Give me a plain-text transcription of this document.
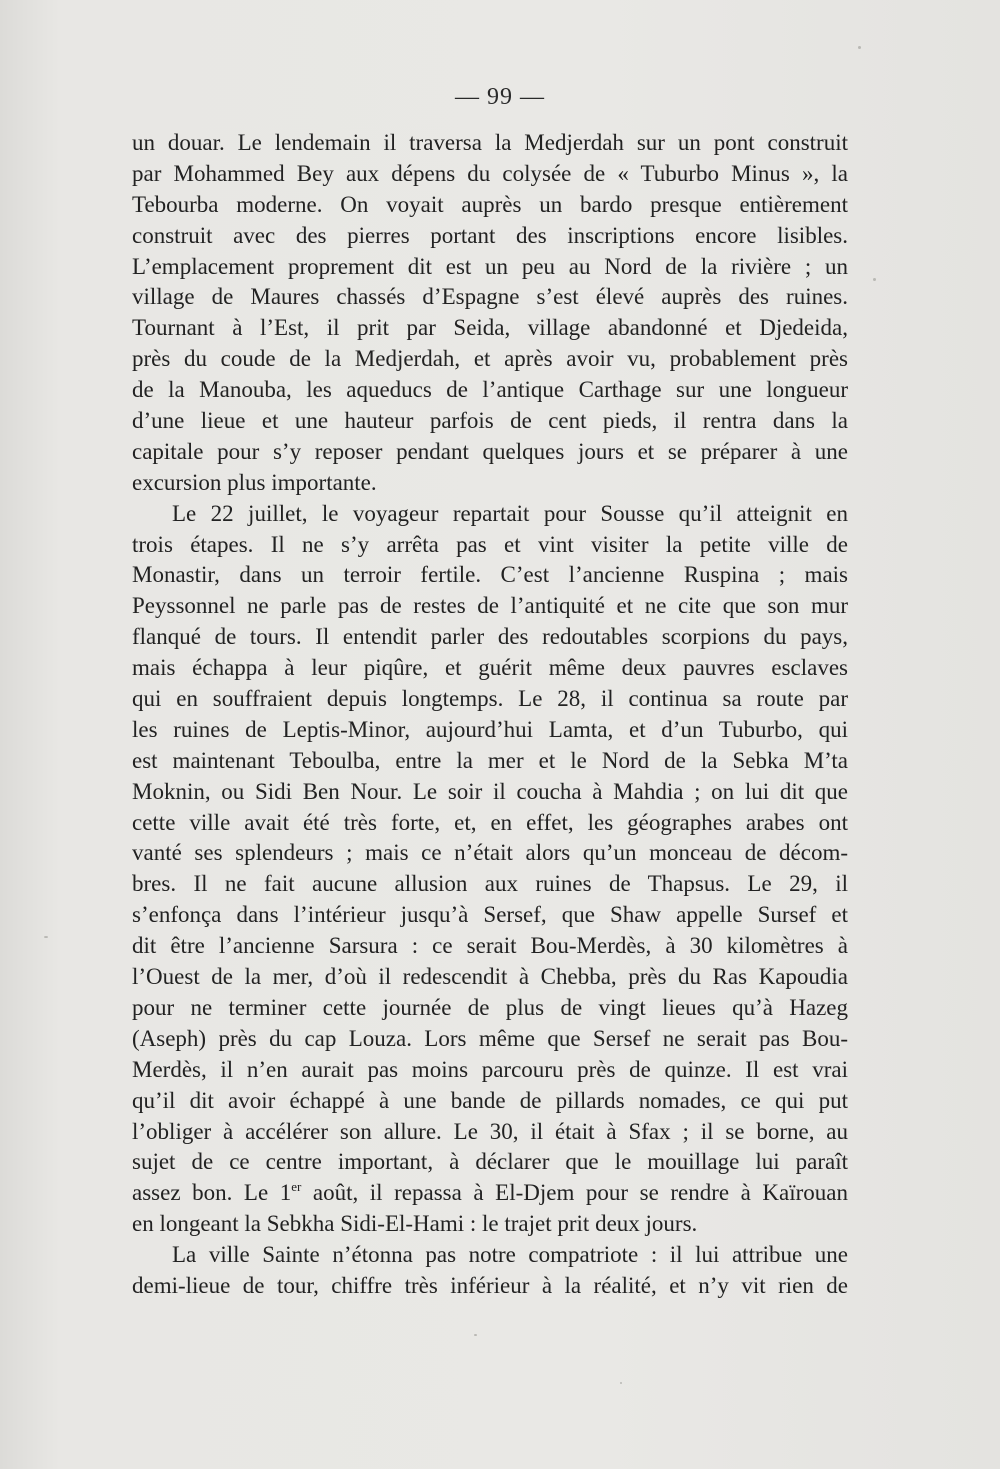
— 99 —
un douar. Le lendemain il traversa la Medjerdah sur un pont construit
par Mohammed Bey aux dépens du colysée de « Tuburbo Minus », la
Tebourba moderne. On voyait auprès un bardo presque entièrement
construit avec des pierres portant des inscriptions encore lisibles.
L’emplacement proprement dit est un peu au Nord de la rivière ; un
village de Maures chassés d’Espagne s’est élevé auprès des ruines.
Tournant à l’Est, il prit par Seida, village abandonné et Djedeida,
près du coude de la Medjerdah, et après avoir vu, probablement près
de la Manouba, les aqueducs de l’antique Carthage sur une longueur
d’une lieue et une hauteur parfois de cent pieds, il rentra dans la
capitale pour s’y reposer pendant quelques jours et se préparer à une
excursion plus importante.
Le 22 juillet, le voyageur repartait pour Sousse qu’il atteignit en
trois étapes. Il ne s’y arrêta pas et vint visiter la petite ville de
Monastir, dans un terroir fertile. C’est l’ancienne Ruspina ; mais
Peyssonnel ne parle pas de restes de l’antiquité et ne cite que son mur
flanqué de tours. Il entendit parler des redoutables scorpions du pays,
mais échappa à leur piqûre, et guérit même deux pauvres esclaves
qui en souffraient depuis longtemps. Le 28, il continua sa route par
les ruines de Leptis-Minor, aujourd’hui Lamta, et d’un Tuburbo, qui
est maintenant Teboulba, entre la mer et le Nord de la Sebka M’ta
Moknin, ou Sidi Ben Nour. Le soir il coucha à Mahdia ; on lui dit que
cette ville avait été très forte, et, en effet, les géographes arabes ont
vanté ses splendeurs ; mais ce n’était alors qu’un monceau de décom-
bres. Il ne fait aucune allusion aux ruines de Thapsus. Le 29, il
s’enfonça dans l’intérieur jusqu’à Sersef, que Shaw appelle Sursef et
dit être l’ancienne Sarsura : ce serait Bou-Merdès, à 30 kilomètres à
l’Ouest de la mer, d’où il redescendit à Chebba, près du Ras Kapoudia
pour ne terminer cette journée de plus de vingt lieues qu’à Hazeg
(Aseph) près du cap Louza. Lors même que Sersef ne serait pas Bou-
Merdès, il n’en aurait pas moins parcouru près de quinze. Il est vrai
qu’il dit avoir échappé à une bande de pillards nomades, ce qui put
l’obliger à accélérer son allure. Le 30, il était à Sfax ; il se borne, au
sujet de ce centre important, à déclarer que le mouillage lui paraît
assez bon. Le 1er août, il repassa à El-Djem pour se rendre à Kaïrouan
en longeant la Sebkha Sidi-El-Hami : le trajet prit deux jours.
La ville Sainte n’étonna pas notre compatriote : il lui attribue une
demi-lieue de tour, chiffre très inférieur à la réalité, et n’y vit rien de
